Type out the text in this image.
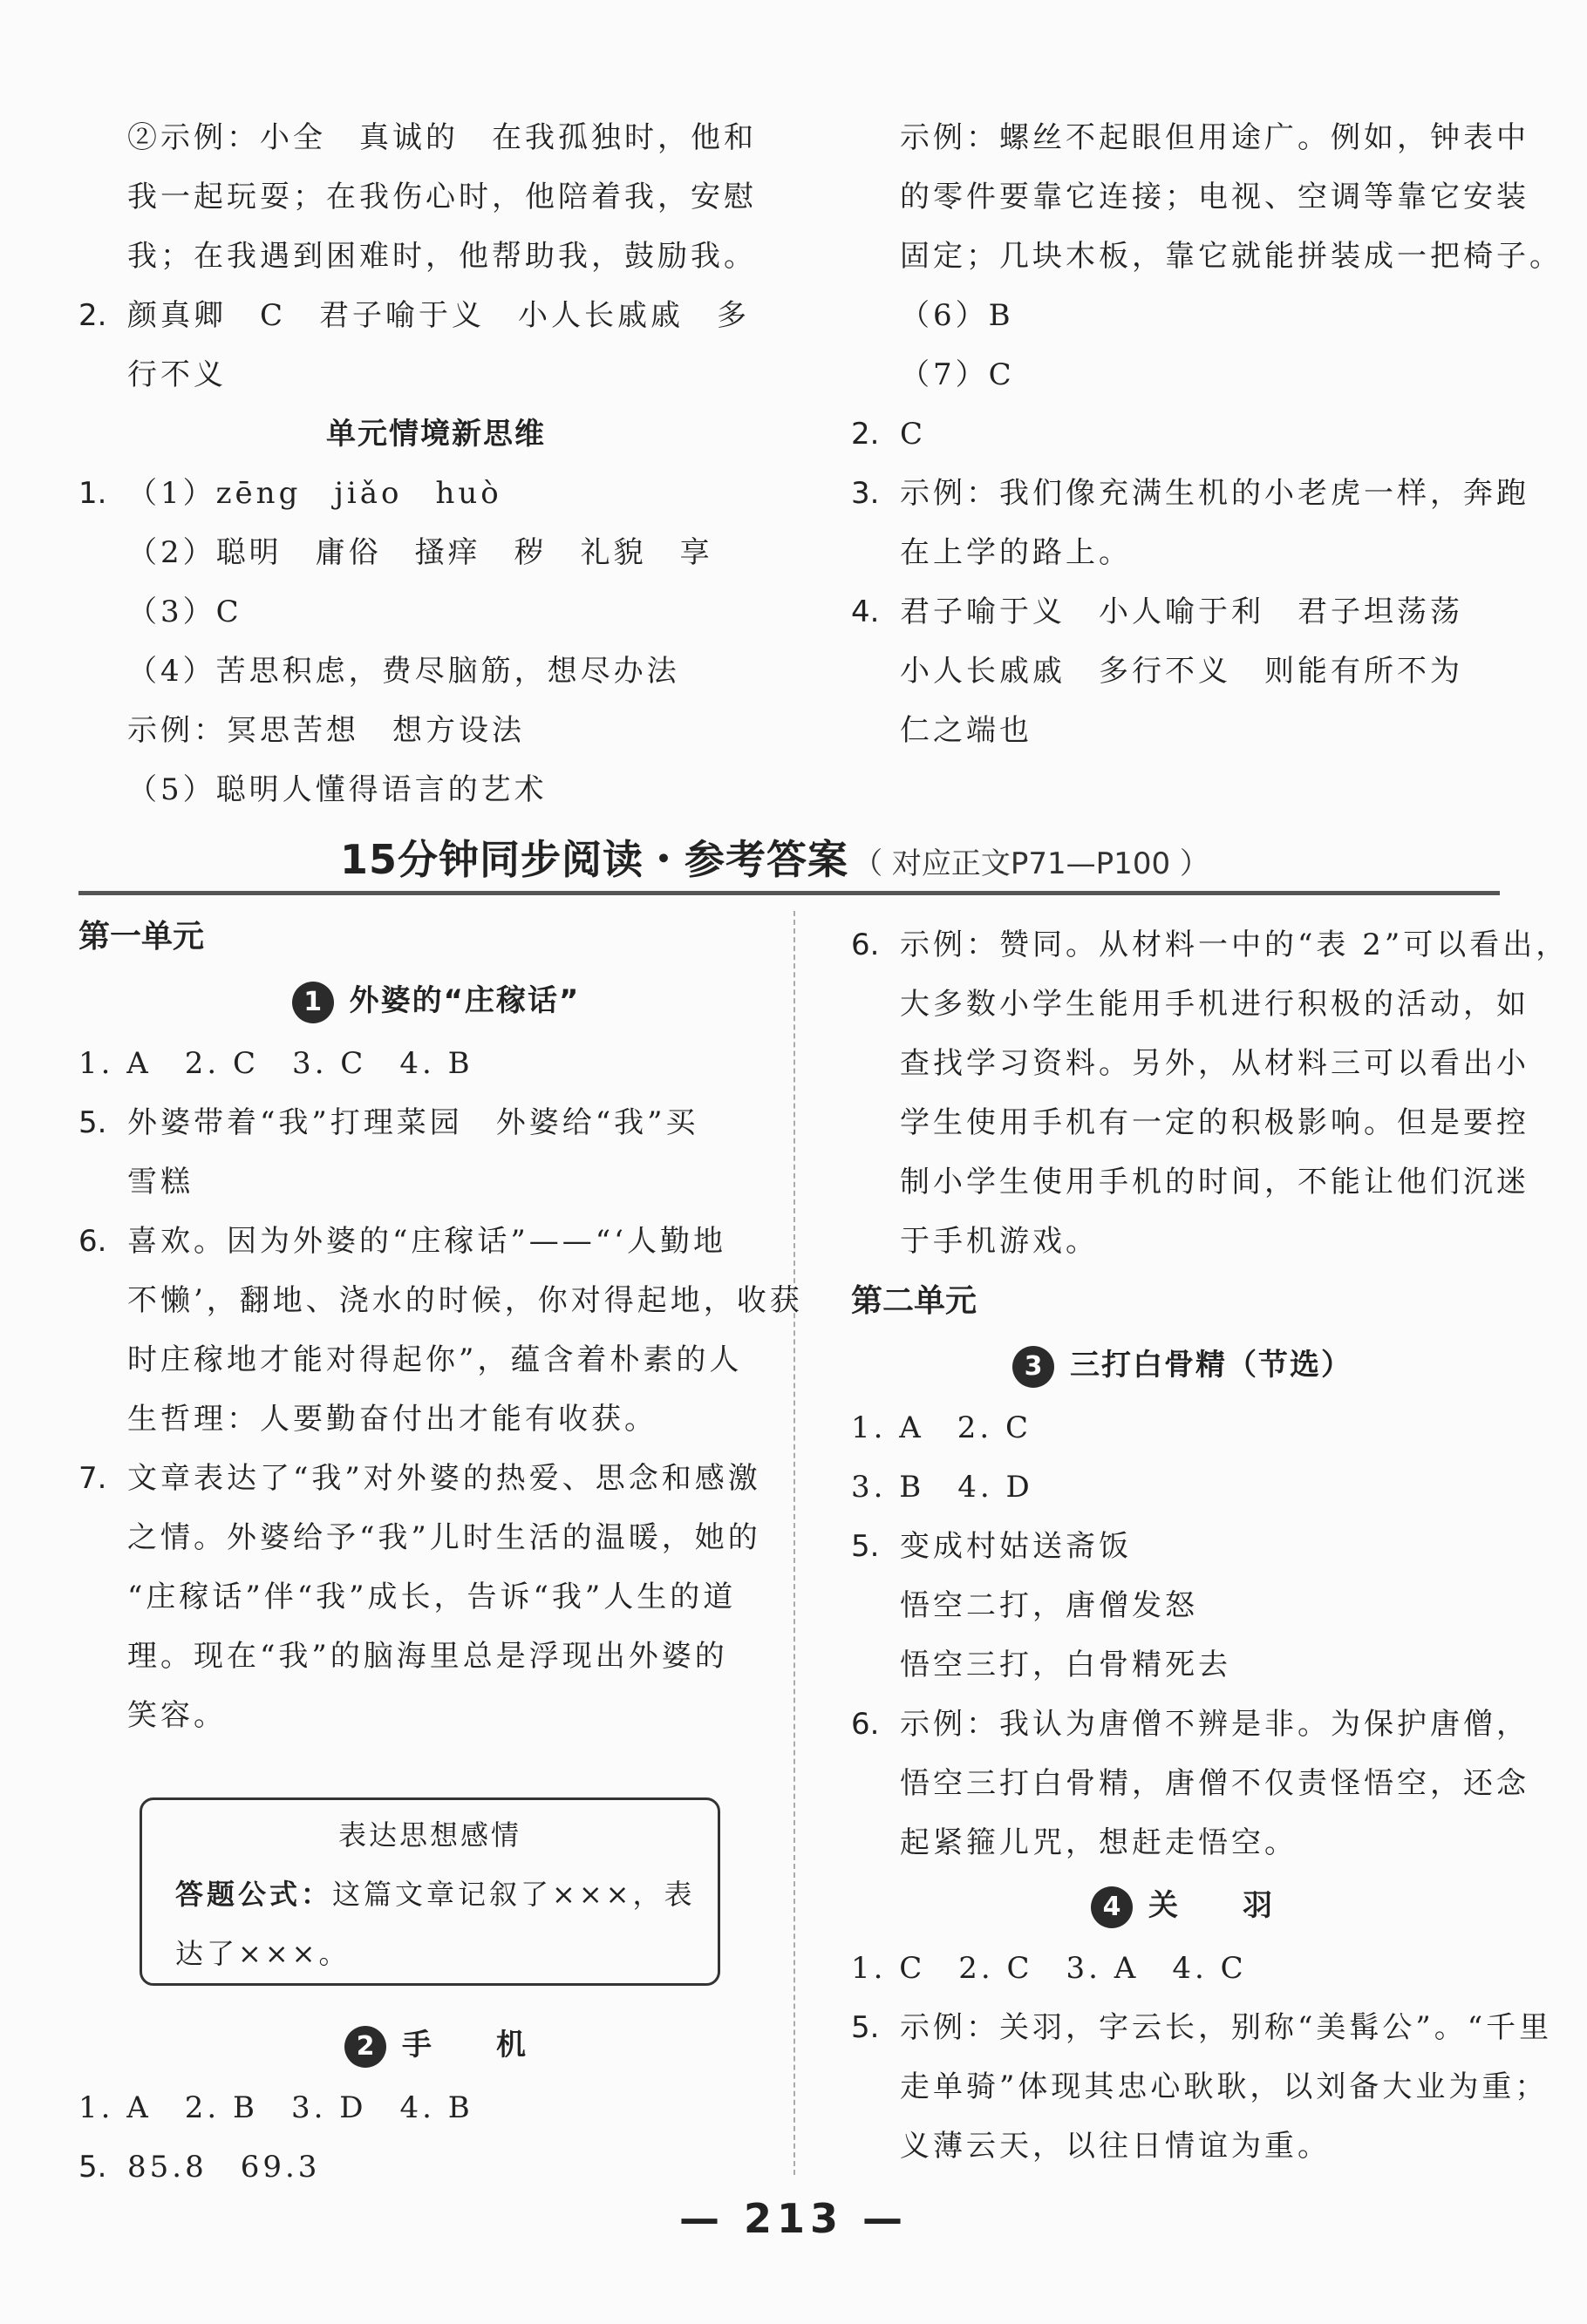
②示例：小全　真诚的　在我孤独时，他和
我一起玩耍；在我伤心时，他陪着我，安慰
我；在我遇到困难时，他帮助我，鼓励我。
2. 颜真卿　C　君子喻于义　小人长戚戚　多
行不义
单元情境新思维
1. （1）zēng　jiǎo　huò
（2）聪明　庸俗　搔痒　秽　礼貌　享
（3）C
（4）苦思积虑，费尽脑筋，想尽办法
示例：冥思苦想　想方设法
（5）聪明人懂得语言的艺术
示例：螺丝不起眼但用途广。例如，钟表中
的零件要靠它连接；电视、空调等靠它安装
固定；几块木板，靠它就能拼装成一把椅子。
（6）B
（7）C
2. C
3. 示例：我们像充满生机的小老虎一样，奔跑
在上学的路上。
4. 君子喻于义　小人喻于利　君子坦荡荡
小人长戚戚　多行不义　则能有所不为
仁之端也
15分钟同步阅读・参考答案 （ 对应正文P71—P100 ）
第一单元
1 外婆的“庄稼话”
1. A　2. C　3. C　4. B
5. 外婆带着“我”打理菜园　外婆给“我”买
雪糕
6. 喜欢。因为外婆的“庄稼话”——“‘人勤地
不懒’，翻地、浇水的时候，你对得起地，收获
时庄稼地才能对得起你”，蕴含着朴素的人
生哲理：人要勤奋付出才能有收获。
7. 文章表达了“我”对外婆的热爱、思念和感激
之情。外婆给予“我”儿时生活的温暖，她的
“庄稼话”伴“我”成长，告诉“我”人生的道
理。现在“我”的脑海里总是浮现出外婆的
笑容。
表达思想感情
答题公式：这篇文章记叙了×××，表
达了×××。
2 手　　机
1. A　2. B　3. D　4. B
5. 85.8　69.3
6. 示例：赞同。从材料一中的“表 2”可以看出，
大多数小学生能用手机进行积极的活动，如
查找学习资料。另外，从材料三可以看出小
学生使用手机有一定的积极影响。但是要控
制小学生使用手机的时间，不能让他们沉迷
于手机游戏。
第二单元
3 三打白骨精（节选）
1. A　2. C
3. B　4. D
5. 变成村姑送斋饭
悟空二打，唐僧发怒
悟空三打，白骨精死去
6. 示例：我认为唐僧不辨是非。为保护唐僧，
悟空三打白骨精，唐僧不仅责怪悟空，还念
起紧箍儿咒，想赶走悟空。
4 关　　羽
1. C　2. C　3. A　4. C
5. 示例：关羽，字云长，别称“美髯公”。“千里
走单骑”体现其忠心耿耿，以刘备大业为重；
义薄云天，以往日情谊为重。
— 213 —
